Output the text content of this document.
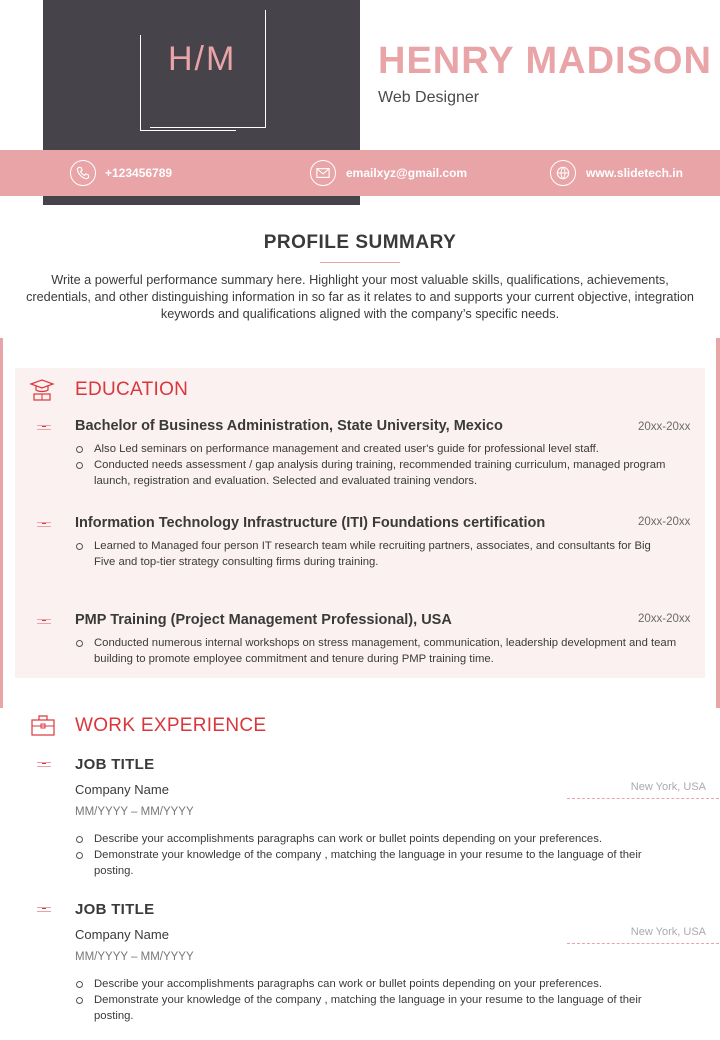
H/M	HENRY MADISON
Web Designer
+123456789	emailxyz@gmail.com	www.slidetech.in
PROFILE SUMMARY
Write a powerful performance summary here. Highlight your most valuable skills, qualifications, achievements, credentials, and other distinguishing information in so far as it relates to and supports your current objective, integration keywords and qualifications aligned with the company’s specific needs.
EDUCATION
Bachelor of Business Administration, State University, Mexico	20xx-20xx
Also Led seminars on performance management and created user's guide for professional level staff.
Conducted needs assessment / gap analysis during training, recommended training curriculum, managed program launch, registration and evaluation. Selected and evaluated training vendors.
Information Technology Infrastructure (ITI) Foundations certification	20xx-20xx
Learned to Managed four person IT research team while recruiting partners, associates, and consultants for Big Five and top-tier strategy consulting firms during training.
PMP Training (Project Management Professional), USA	20xx-20xx
Conducted numerous internal workshops on stress management, communication, leadership development and team building to promote employee commitment and tenure during PMP training time.
WORK EXPERIENCE
JOB TITLE
Company Name	New York, USA
MM/YYYY – MM/YYYY
Describe your accomplishments paragraphs can work or bullet points depending on your preferences.
Demonstrate your knowledge of the company , matching the language in your resume to the language of their posting.
JOB TITLE
Company Name	New York, USA
MM/YYYY – MM/YYYY
Describe your accomplishments paragraphs can work or bullet points depending on your preferences.
Demonstrate your knowledge of the company , matching the language in your resume to the language of their posting.
